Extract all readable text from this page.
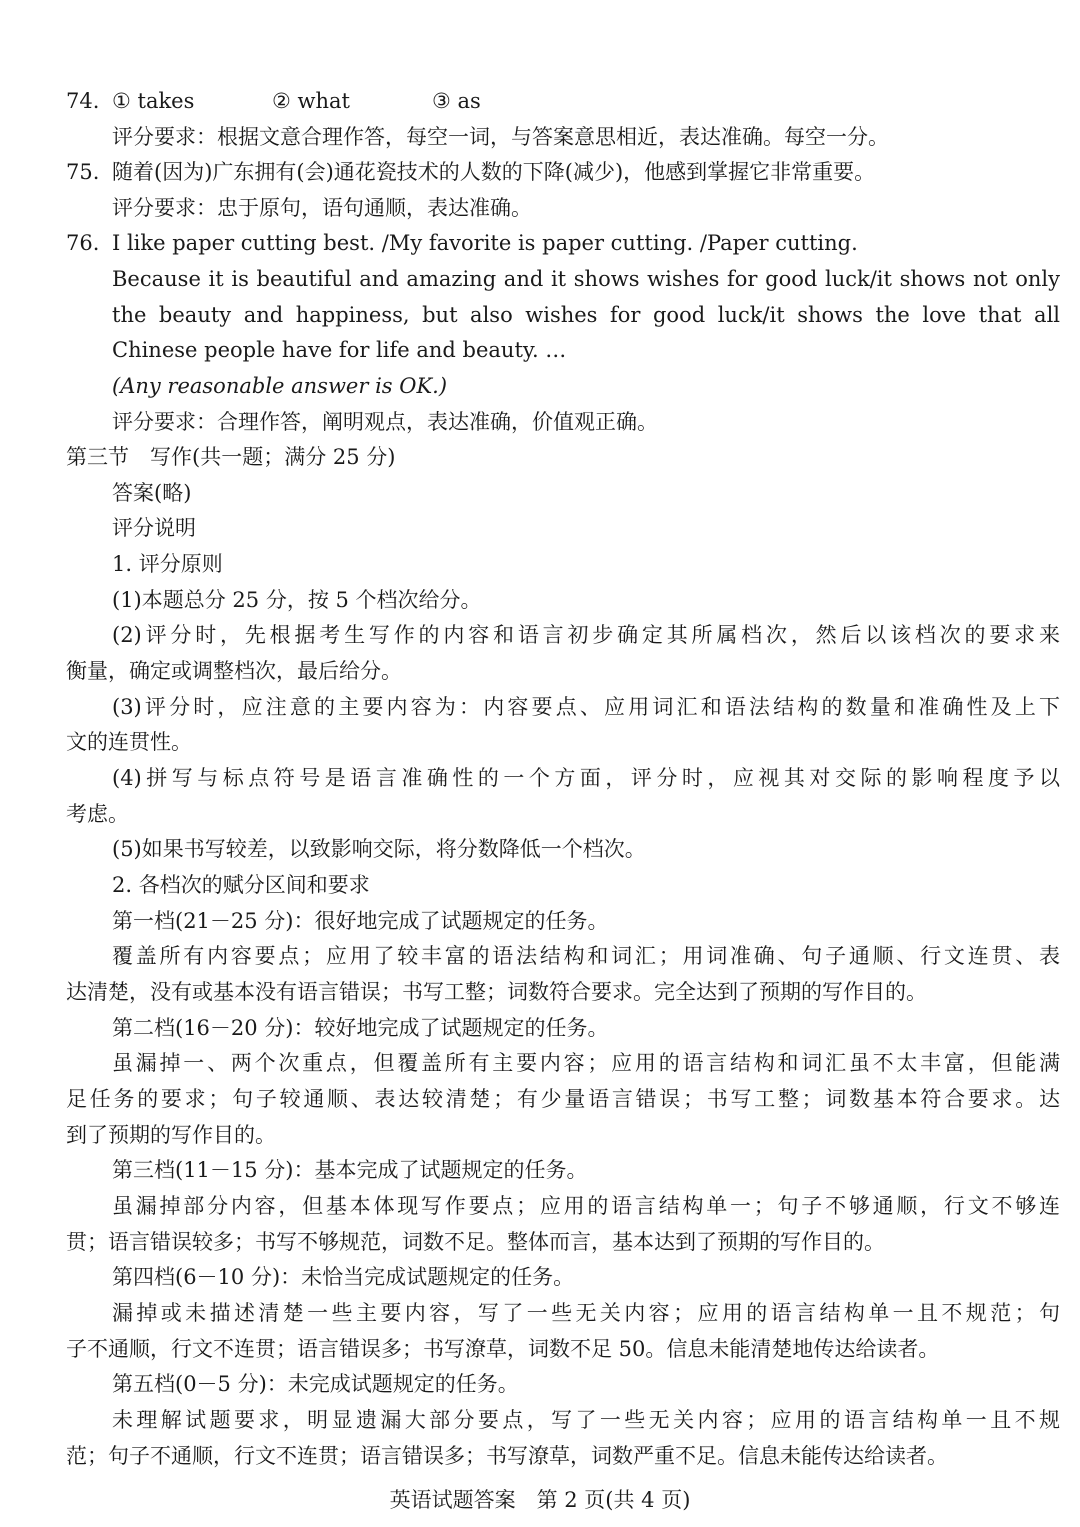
74. ① takes	② what	③ as
评分要求：根据文意合理作答，每空一词，与答案意思相近，表达准确。每空一分。
75. 随着(因为)广东拥有(会)通花瓷技术的人数的下降(减少)，他感到掌握它非常重要。
评分要求：忠于原句，语句通顺，表达准确。
76. I like paper cutting best. /My favorite is paper cutting. /Paper cutting.
Because it is beautiful and amazing and it shows wishes for good luck/it shows not only
the beauty and happiness, but also wishes for good luck/it shows the love that all
Chinese people have for life and beauty. …
(Any reasonable answer is OK.)
评分要求：合理作答，阐明观点，表达准确，价值观正确。
第三节　写作(共一题；满分 25 分)
答案(略)
评分说明
1. 评分原则
(1)本题总分 25 分，按 5 个档次给分。
(2)评分时，先根据考生写作的内容和语言初步确定其所属档次，然后以该档次的要求来
衡量，确定或调整档次，最后给分。
(3)评分时，应注意的主要内容为：内容要点、应用词汇和语法结构的数量和准确性及上下
文的连贯性。
(4)拼写与标点符号是语言准确性的一个方面，评分时，应视其对交际的影响程度予以
考虑。
(5)如果书写较差，以致影响交际，将分数降低一个档次。
2. 各档次的赋分区间和要求
第一档(21－25 分)：很好地完成了试题规定的任务。
覆盖所有内容要点；应用了较丰富的语法结构和词汇；用词准确、句子通顺、行文连贯、表
达清楚，没有或基本没有语言错误；书写工整；词数符合要求。完全达到了预期的写作目的。
第二档(16－20 分)：较好地完成了试题规定的任务。
虽漏掉一、两个次重点，但覆盖所有主要内容；应用的语言结构和词汇虽不太丰富，但能满
足任务的要求；句子较通顺、表达较清楚；有少量语言错误；书写工整；词数基本符合要求。达
到了预期的写作目的。
第三档(11－15 分)：基本完成了试题规定的任务。
虽漏掉部分内容，但基本体现写作要点；应用的语言结构单一；句子不够通顺，行文不够连
贯；语言错误较多；书写不够规范，词数不足。整体而言，基本达到了预期的写作目的。
第四档(6－10 分)：未恰当完成试题规定的任务。
漏掉或未描述清楚一些主要内容，写了一些无关内容；应用的语言结构单一且不规范；句
子不通顺，行文不连贯；语言错误多；书写潦草，词数不足 50。信息未能清楚地传达给读者。
第五档(0－5 分)：未完成试题规定的任务。
未理解试题要求，明显遗漏大部分要点，写了一些无关内容；应用的语言结构单一且不规
范；句子不通顺，行文不连贯；语言错误多；书写潦草，词数严重不足。信息未能传达给读者。
英语试题答案　第 2 页(共 4 页)
